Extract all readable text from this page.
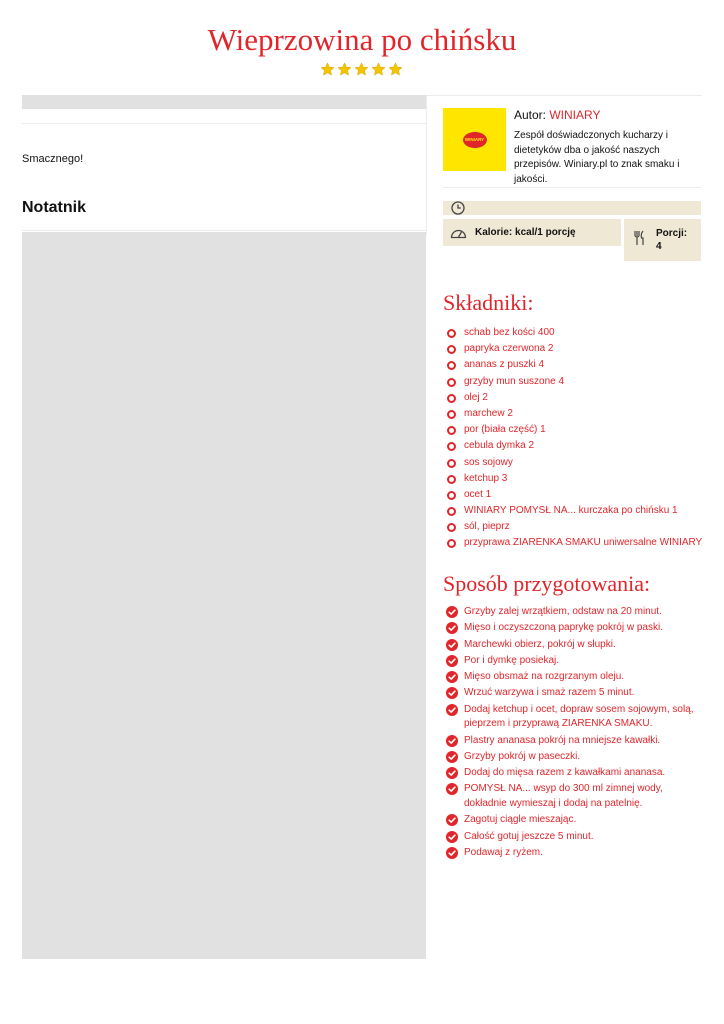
Wieprzowina po chińsku
Smacznego!
Notatnik
WINIARY
Autor: WINIARY
Zespół doświadczonych kucharzy i dietetyków dba o jakość naszych przepisów. Winiary.pl to znak smaku i jakości.
Kalorie: kcal/1 porcję	Porcji:
4
Składniki:
schab bez kości 400
papryka czerwona 2
ananas z puszki 4
grzyby mun suszone 4
olej 2
marchew 2
por (biała część) 1
cebula dymka 2
sos sojowy
ketchup 3
ocet 1
WINIARY POMYSŁ NA... kurczaka po chińsku 1
sól, pieprz
przyprawa ZIARENKA SMAKU uniwersalne WINIARY
Sposób przygotowania:
Grzyby zalej wrzątkiem, odstaw na 20 minut.
Mięso i oczyszczoną paprykę pokrój w paski.
Marchewki obierz, pokrój w słupki.
Por i dymkę posiekaj.
Mięso obsmaż na rozgrzanym oleju.
Wrzuć warzywa i smaż razem 5 minut.
Dodaj ketchup i ocet, dopraw sosem sojowym, solą, pieprzem i przyprawą ZIARENKA SMAKU.
Plastry ananasa pokrój na mniejsze kawałki.
Grzyby pokrój w paseczki.
Dodaj do mięsa razem z kawałkami ananasa.
POMYSŁ NA... wsyp do 300 ml zimnej wody, dokładnie wymieszaj i dodaj na patelnię.
Zagotuj ciągle mieszając.
Całość gotuj jeszcze 5 minut.
Podawaj z ryżem.
